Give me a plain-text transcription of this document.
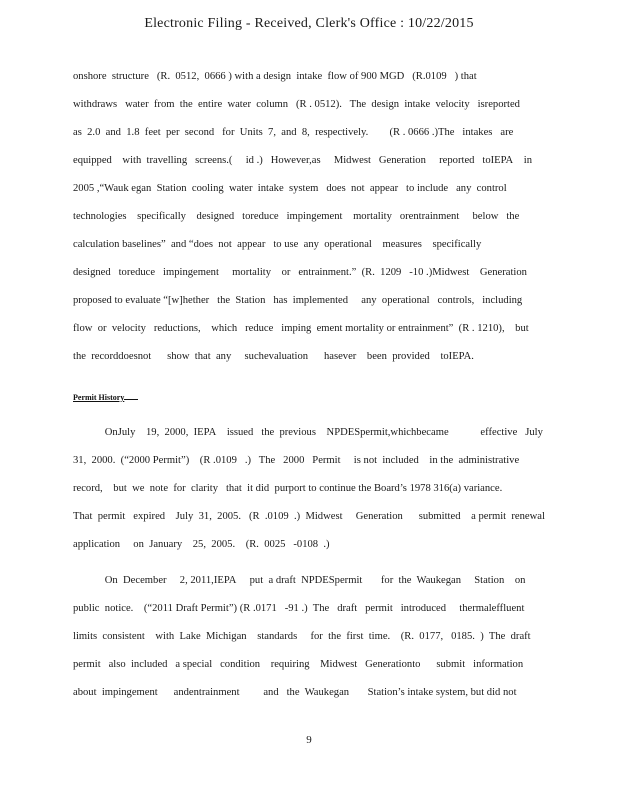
Electronic Filing - Received, Clerk's Office : 10/22/2015
onshore  structure   (R.  0512,  0666 ) with a design  intake  flow of 900 MGD   (R.0109   ) that
withdraws   water  from  the  entire  water  column   (R . 0512).   The  design  intake  velocity   isreported
as  2.0  and  1.8  feet  per  second   for  Units  7,  and  8,  respectively.        (R . 0666 .)The   intakes   are
equipped    with  travelling   screens.(     id .)   However,as     Midwest   Generation     reported   toIEPA    in
2005 ,“Wauk egan  Station  cooling  water  intake  system   does  not  appear   to include   any  control
technologies    specifically    designed   toreduce   impingement    mortality   orentrainment     below   the
calculation baselines”  and “does  not  appear   to use  any  operational    measures    specifically
designed   toreduce   impingement     mortality    or   entrainment.”  (R.  1209   -10 .)Midwest    Generation
proposed to evaluate “[w]hether   the  Station   has  implemented     any  operational   controls,   including
flow  or  velocity   reductions,    which   reduce   imping  ement mortality or entrainment”  (R . 1210),    but
the  recorddoesnot      show  that  any     suchevaluation      hasever    been  provided    toIEPA.
Permit History
OnJuly    19,  2000,  IEPA    issued   the  previous    NPDESpermit,whichbecame            effective   July
31,  2000.  (“2000 Permit”)    (R .0109   .)   The   2000   Permit     is not  included    in the  administrative
record,    but  we  note  for  clarity   that  it did  purport to continue the Board’s 1978 316(a) variance.
That  permit   expired    July  31,  2005.   (R  .0109  .)  Midwest     Generation      submitted    a permit  renewal
application     on  January    25,  2005.    (R.  0025   -0108  .)
On  December     2, 2011,IEPA     put  a draft  NPDESpermit       for  the  Waukegan     Station    on
public  notice.    (“2011 Draft Permit”) (R .0171   -91 .)  The   draft   permit   introduced     thermaleffluent
limits  consistent    with  Lake  Michigan    standards     for  the  first  time.    (R.  0177,   0185.  )  The  draft
permit   also  included   a special   condition    requiring    Midwest   Generationto      submit   information
about  impingement      andentrainment         and   the  Waukegan       Station’s intake system, but did not
9
